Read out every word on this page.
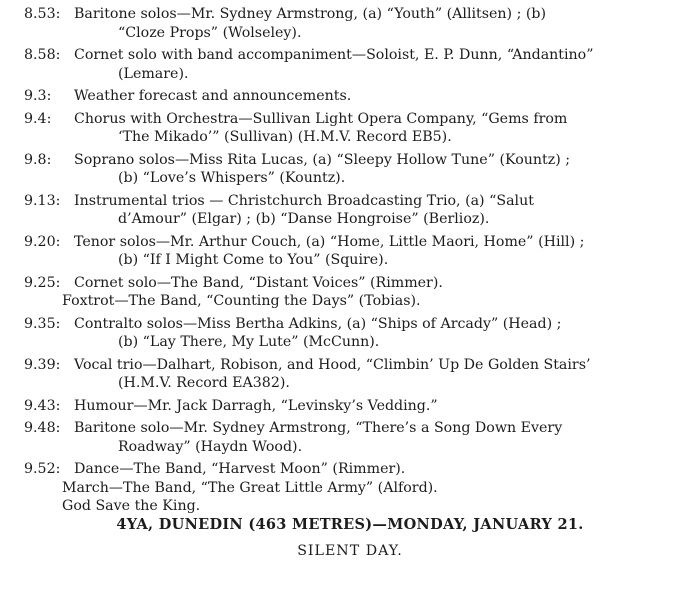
8.53: Baritone solos—Mr. Sydney Armstrong, (a) “Youth” (Allitsen) ; (b)
“Cloze Props” (Wolseley).
8.58: Cornet solo with band accompaniment—Soloist, E. P. Dunn, “Andantino”
(Lemare).
9.3:	Weather forecast and announcements.
9.4:	Chorus with Orchestra—Sullivan Light Opera Company, “Gems from
‘The Mikado’” (Sullivan) (H.M.V. Record EB5).
9.8:	Soprano solos—Miss Rita Lucas, (a) “Sleepy Hollow Tune” (Kountz) ;
(b) “Love’s Whispers” (Kountz).
9.13: Instrumental trios — Christchurch Broadcasting Trio, (a) “Salut
d’Amour” (Elgar) ; (b) “Danse Hongroise” (Berlioz).
9.20: Tenor solos—Mr. Arthur Couch, (a) “Home, Little Maori, Home” (Hill) ;
(b) “If I Might Come to You” (Squire).
9.25: Cornet solo—The Band, “Distant Voices” (Rimmer).
Foxtrot—The Band, “Counting the Days” (Tobias).
9.35: Contralto solos—Miss Bertha Adkins, (a) “Ships of Arcady” (Head) ;
(b) “Lay There, My Lute” (McCunn).
9.39: Vocal trio—Dalhart, Robison, and Hood, “Climbin’ Up De Golden Stairs’
(H.M.V. Record EA382).
9.43: Humour—Mr. Jack Darragh, “Levinsky’s Vedding.”
9.48: Baritone solo—Mr. Sydney Armstrong, “There’s a Song Down Every
Roadway” (Haydn Wood).
9.52: Dance—The Band, “Harvest Moon” (Rimmer).
March—The Band, “The Great Little Army” (Alford).
God Save the King.
4YA, DUNEDIN (463 METRES)—MONDAY, JANUARY 21.
SILENT DAY.
